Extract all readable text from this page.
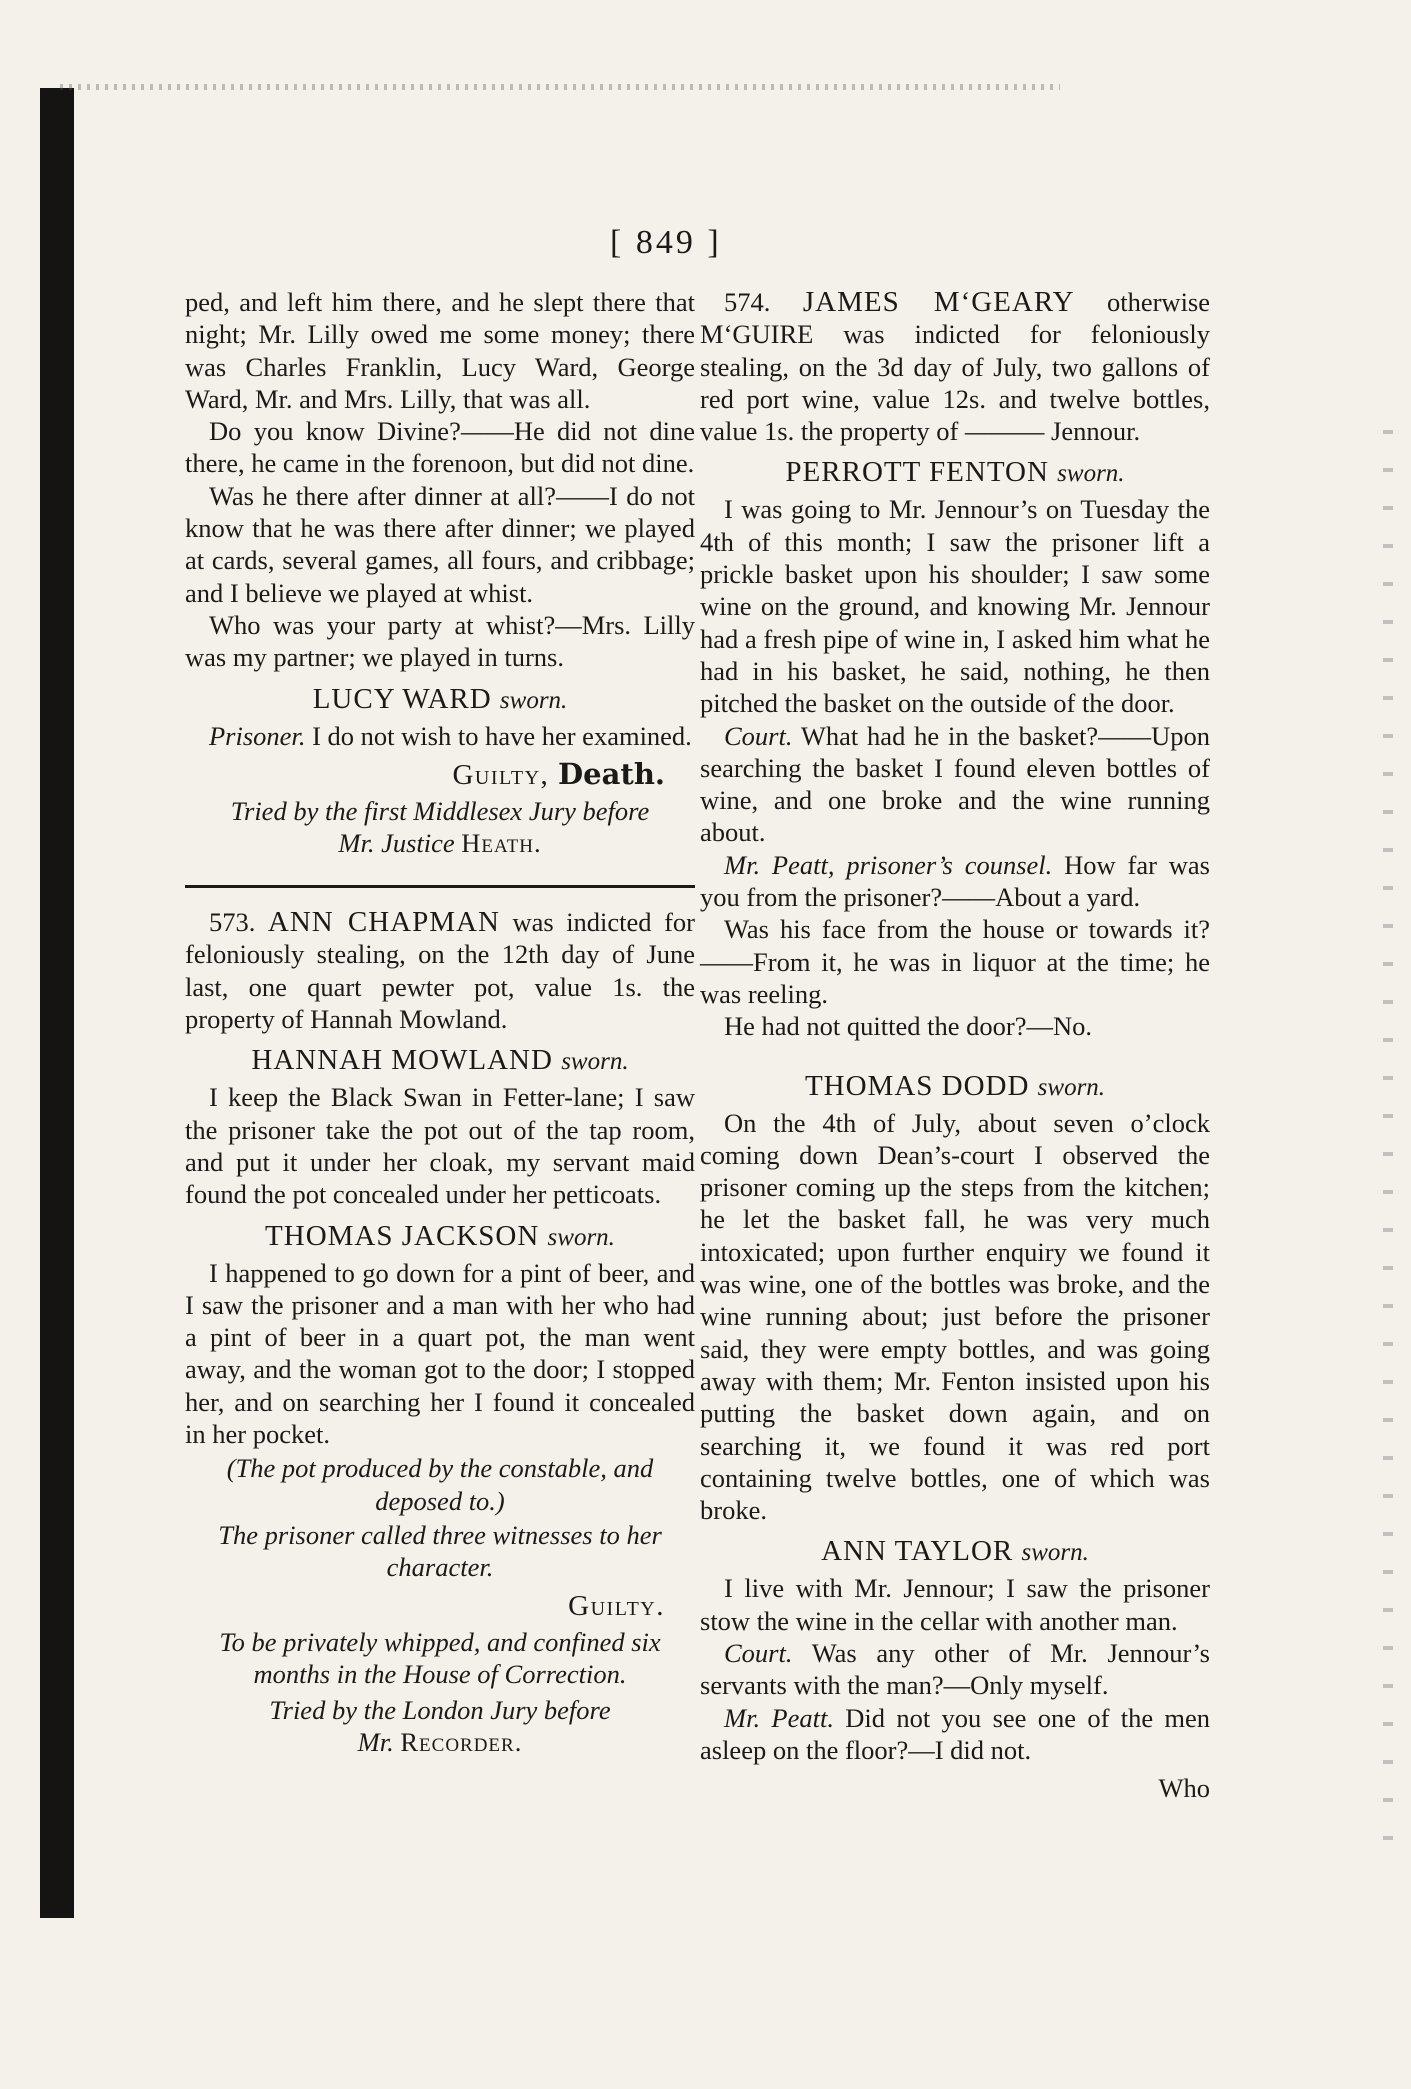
[ 849 ]

ped, and left him there, and he slept there that night; Mr. Lilly owed me some money; there was Charles Franklin, Lucy Ward, George Ward, Mr. and Mrs. Lilly, that was all.

Do you know Divine?——He did not dine there, he came in the forenoon, but did not dine.

Was he there after dinner at all?——I do not know that he was there after dinner; we played at cards, several games, all fours, and cribbage; and I believe we played at whist.

Who was your party at whist?—Mrs. Lilly was my partner; we played in turns.

LUCY WARD sworn.

Prisoner. I do not wish to have her examined.

Guilty, Death.
Tried by the first Middlesex Jury before
Mr. Justice Heath.

573. ANN CHAPMAN was indicted for feloniously stealing, on the 12th day of June last, one quart pewter pot, value 1s. the property of Hannah Mowland.

HANNAH MOWLAND sworn.

I keep the Black Swan in Fetter-lane; I saw the prisoner take the pot out of the tap room, and put it under her cloak, my servant maid found the pot concealed under her petticoats.

THOMAS JACKSON sworn.

I happened to go down for a pint of beer, and I saw the prisoner and a man with her who had a pint of beer in a quart pot, the man went away, and the woman got to the door; I stopped her, and on searching her I found it concealed in her pocket.

(The pot produced by the constable, and deposed to.)
The prisoner called three witnesses to her character.
Guilty.
To be privately whipped, and confined six months in the House of Correction.
Tried by the London Jury before
Mr. Recorder.

574. JAMES M‘GEARY otherwise M‘GUIRE was indicted for feloniously stealing, on the 3d day of July, two gallons of red port wine, value 12s. and twelve bottles, value 1s. the property of ——— Jennour.

PERROTT FENTON sworn.

I was going to Mr. Jennour’s on Tuesday the 4th of this month; I saw the prisoner lift a prickle basket upon his shoulder; I saw some wine on the ground, and knowing Mr. Jennour had a fresh pipe of wine in, I asked him what he had in his basket, he said, nothing, he then pitched the basket on the outside of the door.

Court. What had he in the basket?——Upon searching the basket I found eleven bottles of wine, and one broke and the wine running about.

Mr. Peatt, prisoner’s counsel. How far was you from the prisoner?——About a yard.

Was his face from the house or towards it?——From it, he was in liquor at the time; he was reeling.

He had not quitted the door?—No.

THOMAS DODD sworn.

On the 4th of July, about seven o’clock coming down Dean’s-court I observed the prisoner coming up the steps from the kitchen; he let the basket fall, he was very much intoxicated; upon further enquiry we found it was wine, one of the bottles was broke, and the wine running about; just before the prisoner said, they were empty bottles, and was going away with them; Mr. Fenton insisted upon his putting the basket down again, and on searching it, we found it was red port containing twelve bottles, one of which was broke.

ANN TAYLOR sworn.

I live with Mr. Jennour; I saw the prisoner stow the wine in the cellar with another man.

Court. Was any other of Mr. Jennour’s servants with the man?—Only myself.

Mr. Peatt. Did not you see one of the men asleep on the floor?—I did not.

Who
